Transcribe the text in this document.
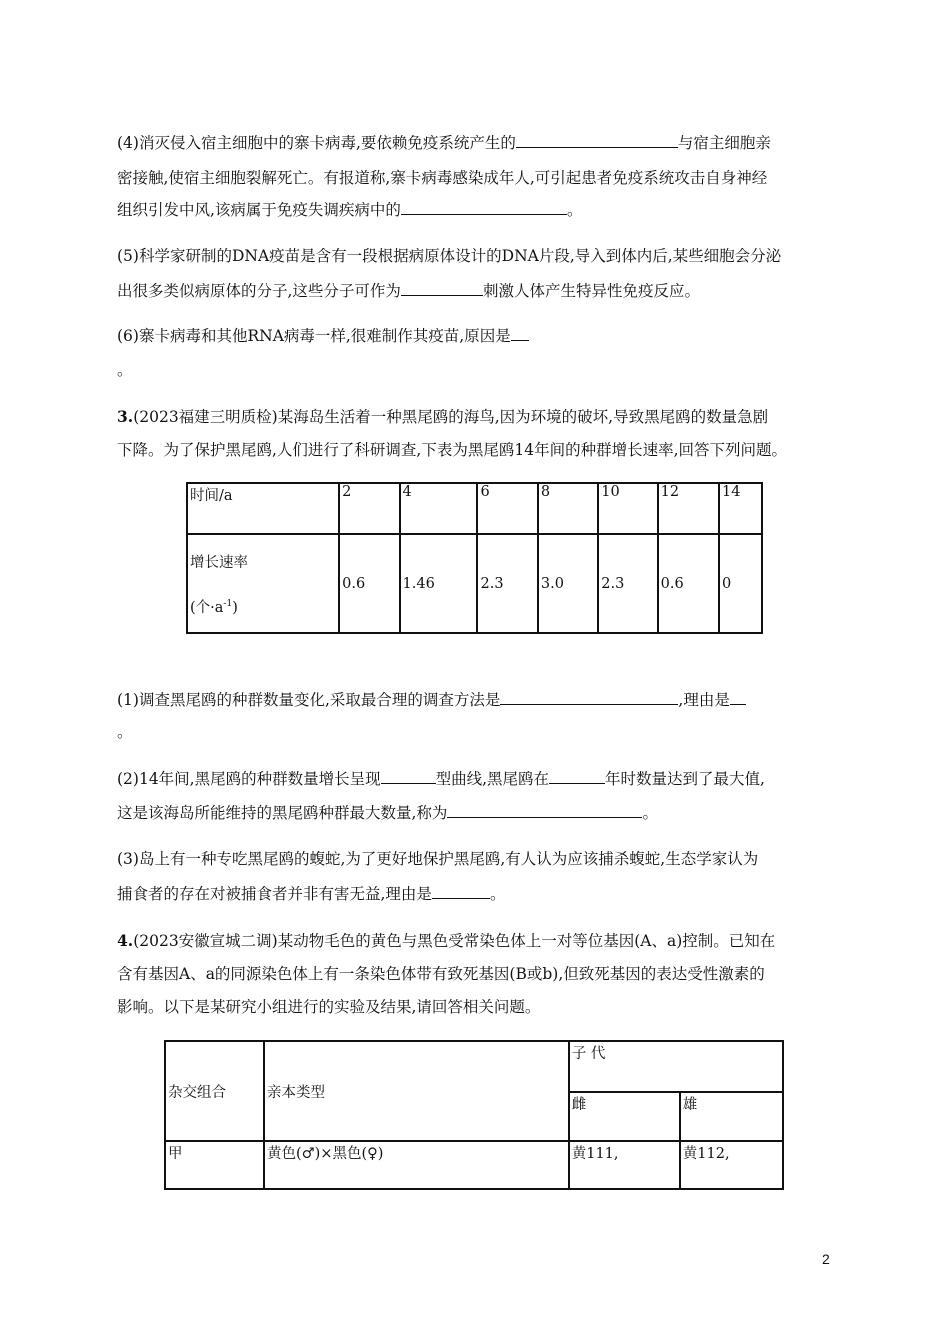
(4)消灭侵入宿主细胞中的寨卡病毒,要依赖免疫系统产生的	与宿主细胞亲
密接触,使宿主细胞裂解死亡。有报道称,寨卡病毒感染成年人,可引起患者免疫系统攻击自身神经
组织引发中风,该病属于免疫失调疾病中的	。
(5)科学家研制的DNA疫苗是含有一段根据病原体设计的DNA片段,导入到体内后,某些细胞会分泌
出很多类似病原体的分子,这些分子可作为	刺激人体产生特异性免疫反应。
(6)寨卡病毒和其他RNA病毒一样,很难制作其疫苗,原因是
。
3.(2023福建三明质检)某海岛生活着一种黑尾鸥的海鸟,因为环境的破坏,导致黑尾鸥的数量急剧
下降。为了保护黑尾鸥,人们进行了科研调查,下表为黑尾鸥14年间的种群增长速率,回答下列问题。
时间/a	2	4	6	8	10	12	14

增长速率
(个$\cdot a^{-1}$)	0.6	1.46	2.3	3.0	2.3	0.6	0
(1)调查黑尾鸥的种群数量变化,采取最合理的调查方法是	,理由是
。
(2)14年间,黑尾鸥的种群数量增长呈现	型曲线,黑尾鸥在	年时数量达到了最大值,
这是该海岛所能维持的黑尾鸥种群最大数量,称为	。
(3)岛上有一种专吃黑尾鸥的蝮蛇,为了更好地保护黑尾鸥,有人认为应该捕杀蝮蛇,生态学家认为
捕食者的存在对被捕食者并非有害无益,理由是	。
4.(2023安徽宣城二调)某动物毛色的黄色与黑色受常染色体上一对等位基因(A、a)控制。已知在
含有基因A、a的同源染色体上有一条染色体带有致死基因(B或b),但致死基因的表达受性激素的
影响。以下是某研究小组进行的实验及结果,请回答相关问题。
杂交组合	亲本类型	子 代	
		雌	雄
甲	黄色(♂)×黑色(♀)	黄111,	黄112,
2
